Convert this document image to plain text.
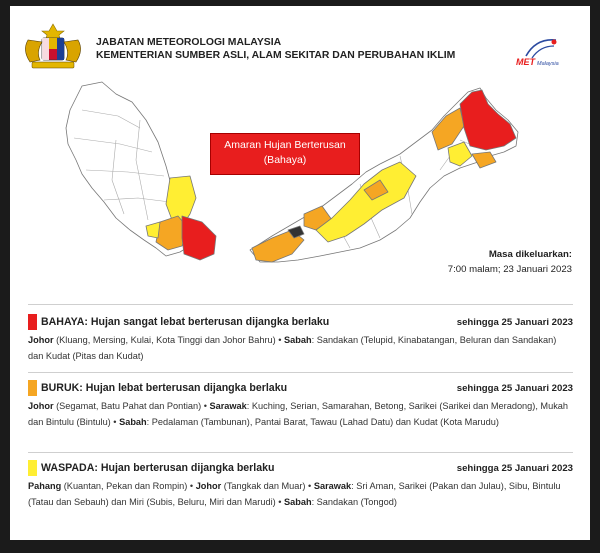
JABATAN METEOROLOGI MALAYSIA
KEMENTERIAN SUMBER ASLI, ALAM SEKITAR DAN PERUBAHAN IKLIM
MET Malaysia
Amaran Hujan Berterusan
(Bahaya)
Masa dikeluarkan:
7:00 malam; 23 Januari 2023
BAHAYA: Hujan sangat lebat berterusan dijangka berlaku	sehingga 25 Januari 2023
Johor (Kluang, Mersing, Kulai, Kota Tinggi dan Johor Bahru) • Sabah: Sandakan (Telupid, Kinabatangan, Beluran dan Sandakan) dan Kudat (Pitas dan Kudat)
BURUK: Hujan lebat berterusan dijangka berlaku	sehingga 25 Januari 2023
Johor (Segamat, Batu Pahat dan Pontian) • Sarawak: Kuching, Serian, Samarahan, Betong, Sarikei (Sarikei dan Meradong), Mukah dan Bintulu (Bintulu) • Sabah: Pedalaman (Tambunan), Pantai Barat, Tawau (Lahad Datu) dan Kudat (Kota Marudu)
WASPADA: Hujan berterusan dijangka berlaku	sehingga 25 Januari 2023
Pahang (Kuantan, Pekan dan Rompin) • Johor (Tangkak dan Muar) • Sarawak: Sri Aman, Sarikei (Pakan dan Julau), Sibu, Bintulu (Tatau dan Sebauh) dan Miri (Subis, Beluru, Miri dan Marudi) • Sabah: Sandakan (Tongod)
